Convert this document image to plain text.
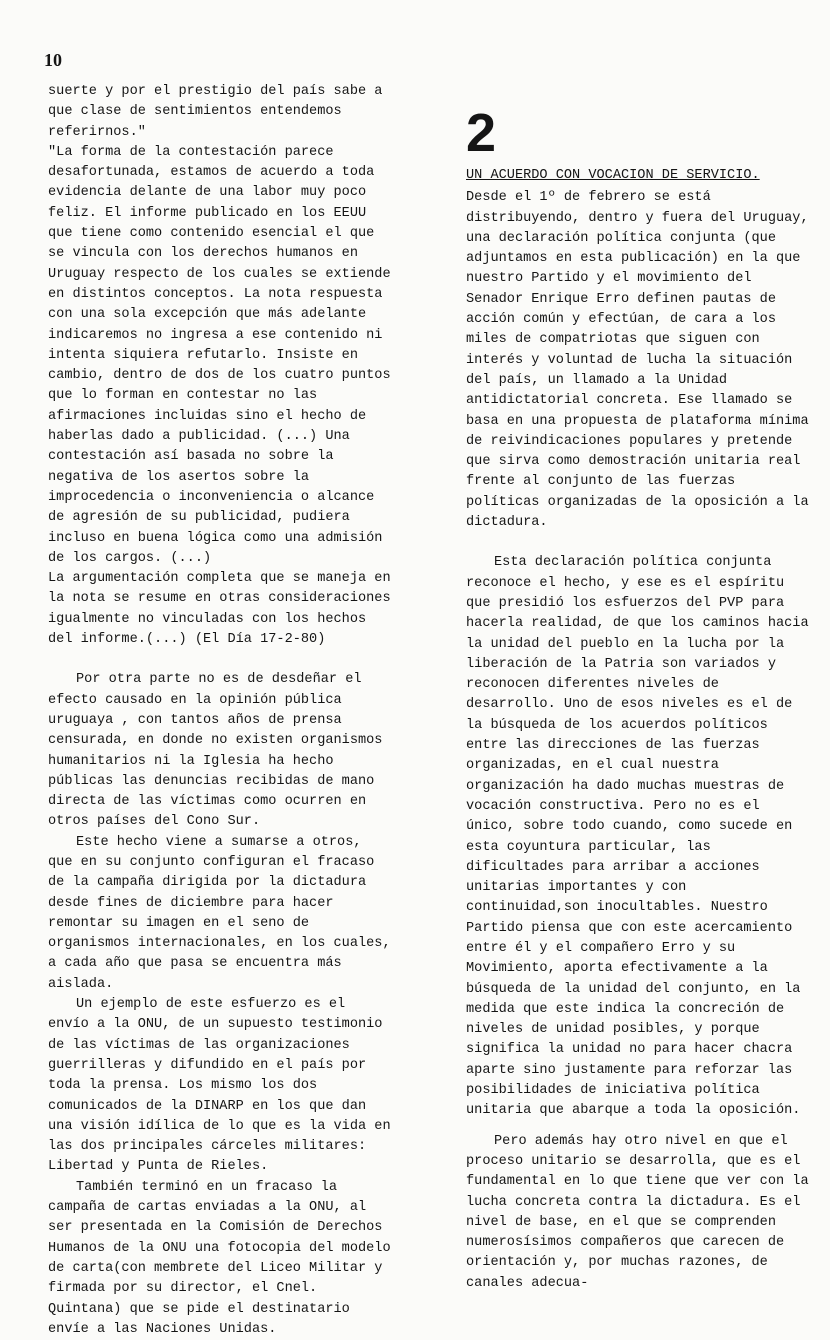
10

suerte y por el prestigio del país sabe a que clase de sentimientos entendemos referirnos."

"La forma de la contestación parece desafortunada, estamos de acuerdo a toda evidencia delante de una labor muy poco feliz. El informe publicado en los EEUU que tiene como contenido esencial el que se vincula con los derechos humanos en Uruguay respecto de los cuales se extiende en distintos conceptos. La nota respuesta con una sola excepción que más adelante indicaremos no ingresa a ese contenido ni intenta siquiera refutarlo. Insiste en cambio, dentro de dos de los cuatro puntos que lo forman en contestar no las afirmaciones incluidas sino el hecho de haberlas dado a publicidad. (...) Una contestación así basada no sobre la negativa de los asertos sobre la improcedencia o inconveniencia o alcance de agresión de su publicidad, pudiera incluso en buena lógica como una admisión de los cargos. (...)

La argumentación completa que se maneja en la nota se resume en otras consideraciones igualmente no vinculadas con los hechos del informe.(...) (El Día 17-2-80)

Por otra parte no es de desdeñar el efecto causado en la opinión pública uruguaya , con tantos años de prensa censurada, en donde no existen organismos humanitarios ni la Iglesia ha hecho públicas las denuncias recibidas de mano directa de las víctimas como ocurren en otros países del Cono Sur.

Este hecho viene a sumarse a otros, que en su conjunto configuran el fracaso de la campaña dirigida por la dictadura desde fines de diciembre para hacer remontar su imagen en el seno de organismos internacionales, en los cuales, a cada año que pasa se encuentra más aislada.

Un ejemplo de este esfuerzo es el envío a la ONU, de un supuesto testimonio de las víctimas de las organizaciones guerrilleras y difundido en el país por toda la prensa. Los mismo los dos comunicados de la DINARP en los que dan una visión idílica de lo que es la vida en las dos principales cárceles militares: Libertad y Punta de Rieles.

También terminó en un fracaso la campaña de cartas enviadas a la ONU, al ser presentada en la Comisión de Derechos Humanos de la ONU una fotocopia del modelo de carta(con membrete del Liceo Militar y firmada por su director, el Cnel. Quintana) que se pide el destinatario envíe a las Naciones Unidas.

2
UN ACUERDO CON VOCACION DE SERVICIO.

Desde el 1º de febrero se está distribuyendo, dentro y fuera del Uruguay, una declaración política conjunta (que adjuntamos en esta publicación) en la que nuestro Partido y el movimiento del Senador Enrique Erro definen pautas de acción común y efectúan, de cara a los miles de compatriotas que siguen con interés y voluntad de lucha la situación del país, un llamado a la Unidad antidictatorial concreta. Ese llamado se basa en una propuesta de plataforma mínima de reivindicaciones populares y pretende que sirva como demostración unitaria real frente al conjunto de las fuerzas políticas organizadas de la oposición a la dictadura.

Esta declaración política conjunta reconoce el hecho, y ese es el espíritu que presidió los esfuerzos del PVP para hacerla realidad, de que los caminos hacia la unidad del pueblo en la lucha por la liberación de la Patria son variados y reconocen diferentes niveles de desarrollo. Uno de esos niveles es el de la búsqueda de los acuerdos políticos entre las direcciones de las fuerzas organizadas, en el cual nuestra organización ha dado muchas muestras de vocación constructiva. Pero no es el único, sobre todo cuando, como sucede en esta coyuntura particular, las dificultades para arribar a acciones unitarias importantes y con continuidad,son inocultables. Nuestro Partido piensa que con este acercamiento entre él y el compañero Erro y su Movimiento, aporta efectivamente a la búsqueda de la unidad del conjunto, en la medida que este indica la concreción de niveles de unidad posibles, y porque significa la unidad no para hacer chacra aparte sino justamente para reforzar las posibilidades de iniciativa política unitaria que abarque a toda la oposición.

Pero además hay otro nivel en que el proceso unitario se desarrolla, que es el fundamental en lo que tiene que ver con la lucha concreta contra la dictadura. Es el nivel de base, en el que se comprenden numerosísimos compañeros que carecen de orientación y, por muchas razones, de canales adecua-
